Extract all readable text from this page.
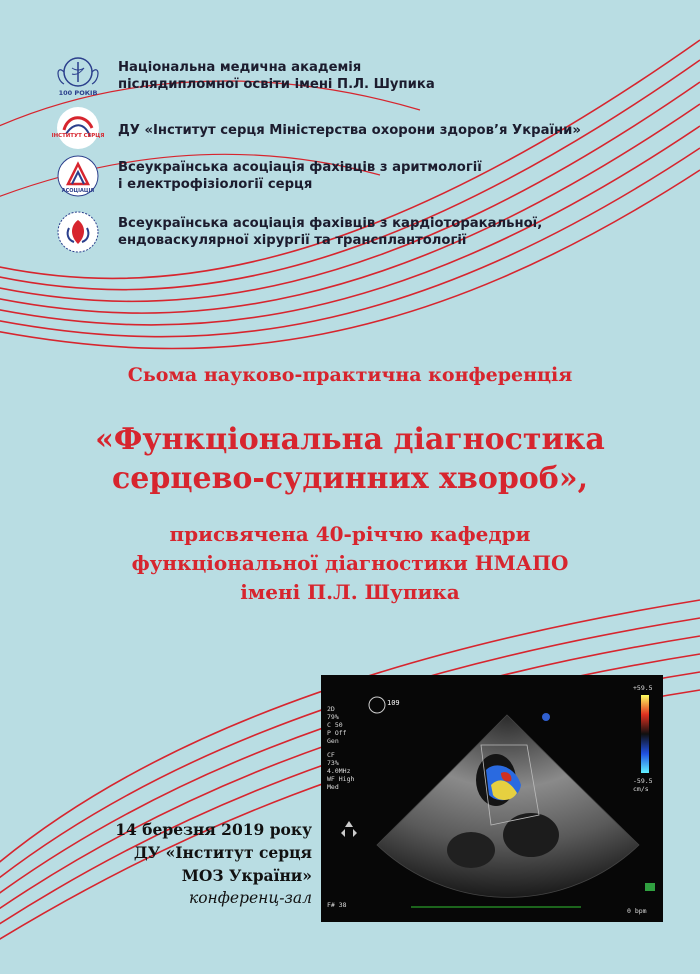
100 РОКІВ
Національна медична академія
післядипломної освіти імені П.Л. Шупика
ІНСТИТУТ СЕРЦЯ ДУ «Інститут серця Міністерства охорони здоров’я України»
АСОЦІАЦІЯ
Всеукраїнська асоціація фахівців з аритмології
і електрофізіології серця
Всеукраїнська асоціація фахівців з кардіоторакальної,
ендоваскулярної хірургії та трансплантології
Сьома науково-практична конференція
«Функціональна діагностика
серцево-судинних хвороб»,
присвячена 40-річчю кафедри
функціональної діагностики НМАПО
імені П.Л. Шупика
14 березня 2019 року
ДУ «Інститут серця
МОЗ України»
конференц-зал
2D
79%
C 50
P Off
Gen
CF
73%
4.0MHz
WF High
Med
F# 38
0 bpm
+59.5
-59.5
cm/s
109
